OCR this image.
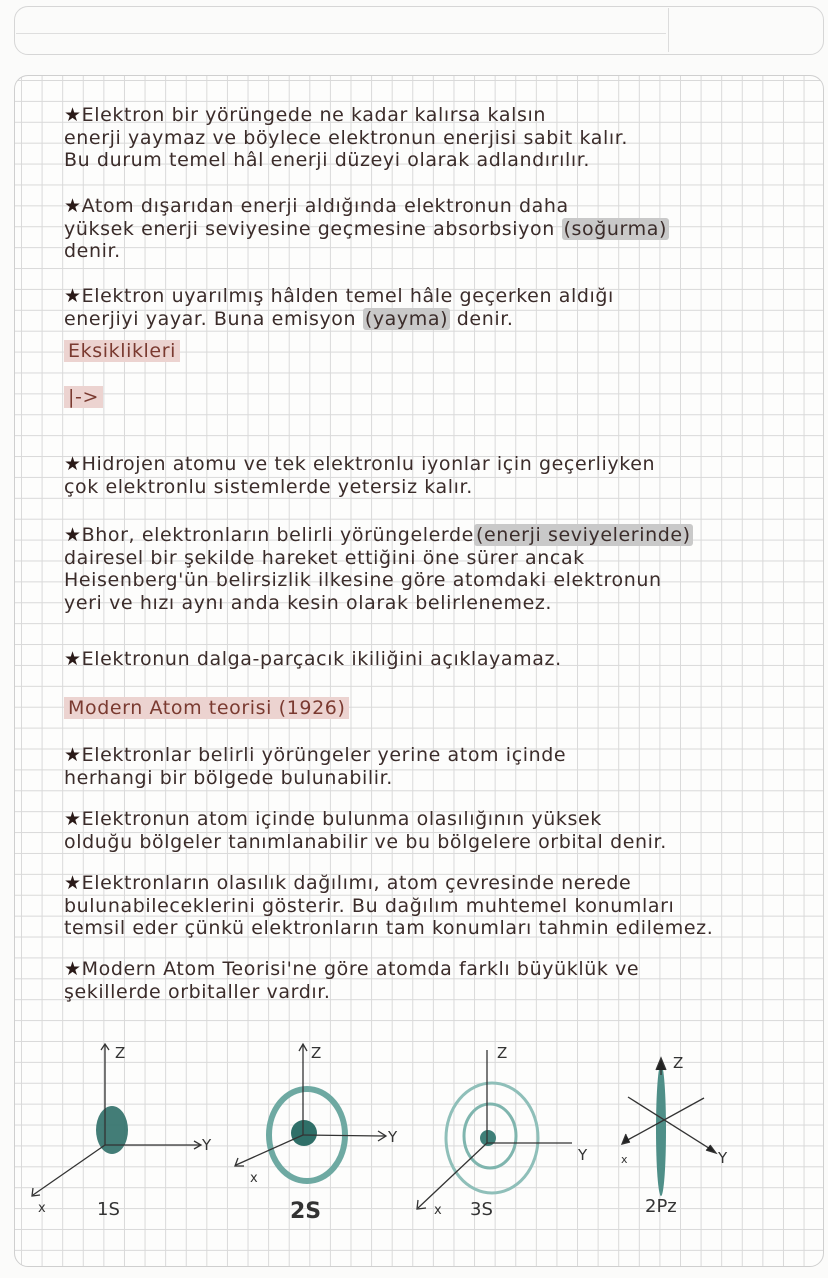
★Elektron bir yörüngede ne kadar kalırsa kalsın
enerji yaymaz ve böylece elektronun enerjisi sabit kalır.
Bu durum temel hâl enerji düzeyi olarak adlandırılır.
★Atom dışarıdan enerji aldığında elektronun daha
yüksek enerji seviyesine geçmesine absorbsiyon (soğurma)
denir.
★Elektron uyarılmış hâlden temel hâle geçerken aldığı
enerjiyi yayar. Buna emisyon (yayma) denir.
Eksiklikleri
|->
★Hidrojen atomu ve tek elektronlu iyonlar için geçerliyken
çok elektronlu sistemlerde yetersiz kalır.
★Bhor, elektronların belirli yörüngelerde (enerji seviyelerinde)
dairesel bir şekilde hareket ettiğini öne sürer ancak
Heisenberg'ün belirsizlik ilkesine göre atomdaki elektronun
yeri ve hızı aynı anda kesin olarak belirlenemez.
★Elektronun dalga-parçacık ikiliğini açıklayamaz.
Modern Atom teorisi (1926)
★Elektronlar belirli yörüngeler yerine atom içinde
herhangi bir bölgede bulunabilir.
★Elektronun atom içinde bulunma olasılığının yüksek
olduğu bölgeler tanımlanabilir ve bu bölgelere orbital denir.
★Elektronların olasılık dağılımı, atom çevresinde nerede
bulunabileceklerini gösterir. Bu dağılım muhtemel konumları
temsil eder çünkü elektronların tam konumları tahmin edilemez.
★Modern Atom Teorisi'ne göre atomda farklı büyüklük ve
şekillerde orbitaller vardır.
Z
Y
x	1S
Z
Y
x
2S
Z
Y
x 3S
Z
Y
x
2Pz
